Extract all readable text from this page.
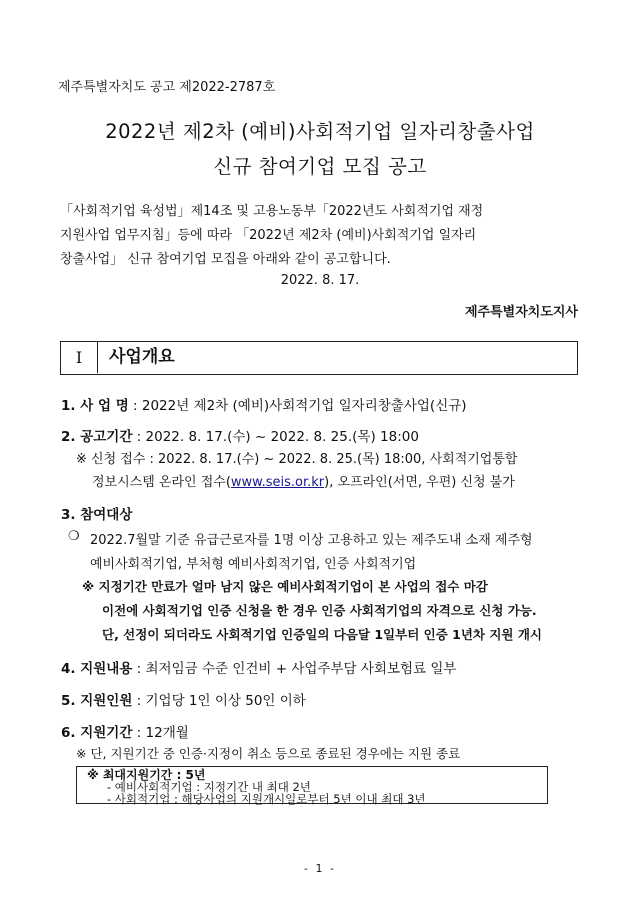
제주특별자치도 공고 제2022-2787호
2022년 제2차 (예비)사회적기업 일자리창출사업
신규 참여기업 모집 공고
「사회적기업 육성법」제14조 및 고용노동부「2022년도 사회적기업 재정
지원사업 업무지침」등에 따라 「2022년 제2차 (예비)사회적기업 일자리
창출사업」 신규 참여기업 모집을 아래와 같이 공고합니다.
2022. 8. 17.
제주특별자치도지사
Ⅰ	사업개요
1. 사 업 명 : 2022년 제2차 (예비)사회적기업 일자리창출사업(신규)
2. 공고기간 : 2022. 8. 17.(수) ~ 2022. 8. 25.(목) 18:00
※ 신청 접수 : 2022. 8. 17.(수) ~ 2022. 8. 25.(목) 18:00, 사회적기업통합
정보시스템 온라인 접수(www.seis.or.kr), 오프라인(서면, 우편) 신청 불가
3. 참여대상
❍ 2022.7월말 기준 유급근로자를 1명 이상 고용하고 있는 제주도내 소재 제주형
예비사회적기업, 부처형 예비사회적기업, 인증 사회적기업
※ 지정기간 만료가 얼마 남지 않은 예비사회적기업이 본 사업의 접수 마감
이전에 사회적기업 인증 신청을 한 경우 인증 사회적기업의 자격으로 신청 가능.
단, 선정이 되더라도 사회적기업 인증일의 다음달 1일부터 인증 1년차 지원 개시
4. 지원내용 : 최저임금 수준 인건비 + 사업주부담 사회보험료 일부
5. 지원인원 : 기업당 1인 이상 50인 이하
6. 지원기간 : 12개월
※ 단, 지원기간 중 인증·지정이 취소 등으로 종료된 경우에는 지원 종료
※ 최대지원기간 : 5년
- 예비사회적기업 : 지정기간 내 최대 2년
- 사회적기업 : 해당사업의 지원개시일로부터 5년 이내 최대 3년
- 1 -
